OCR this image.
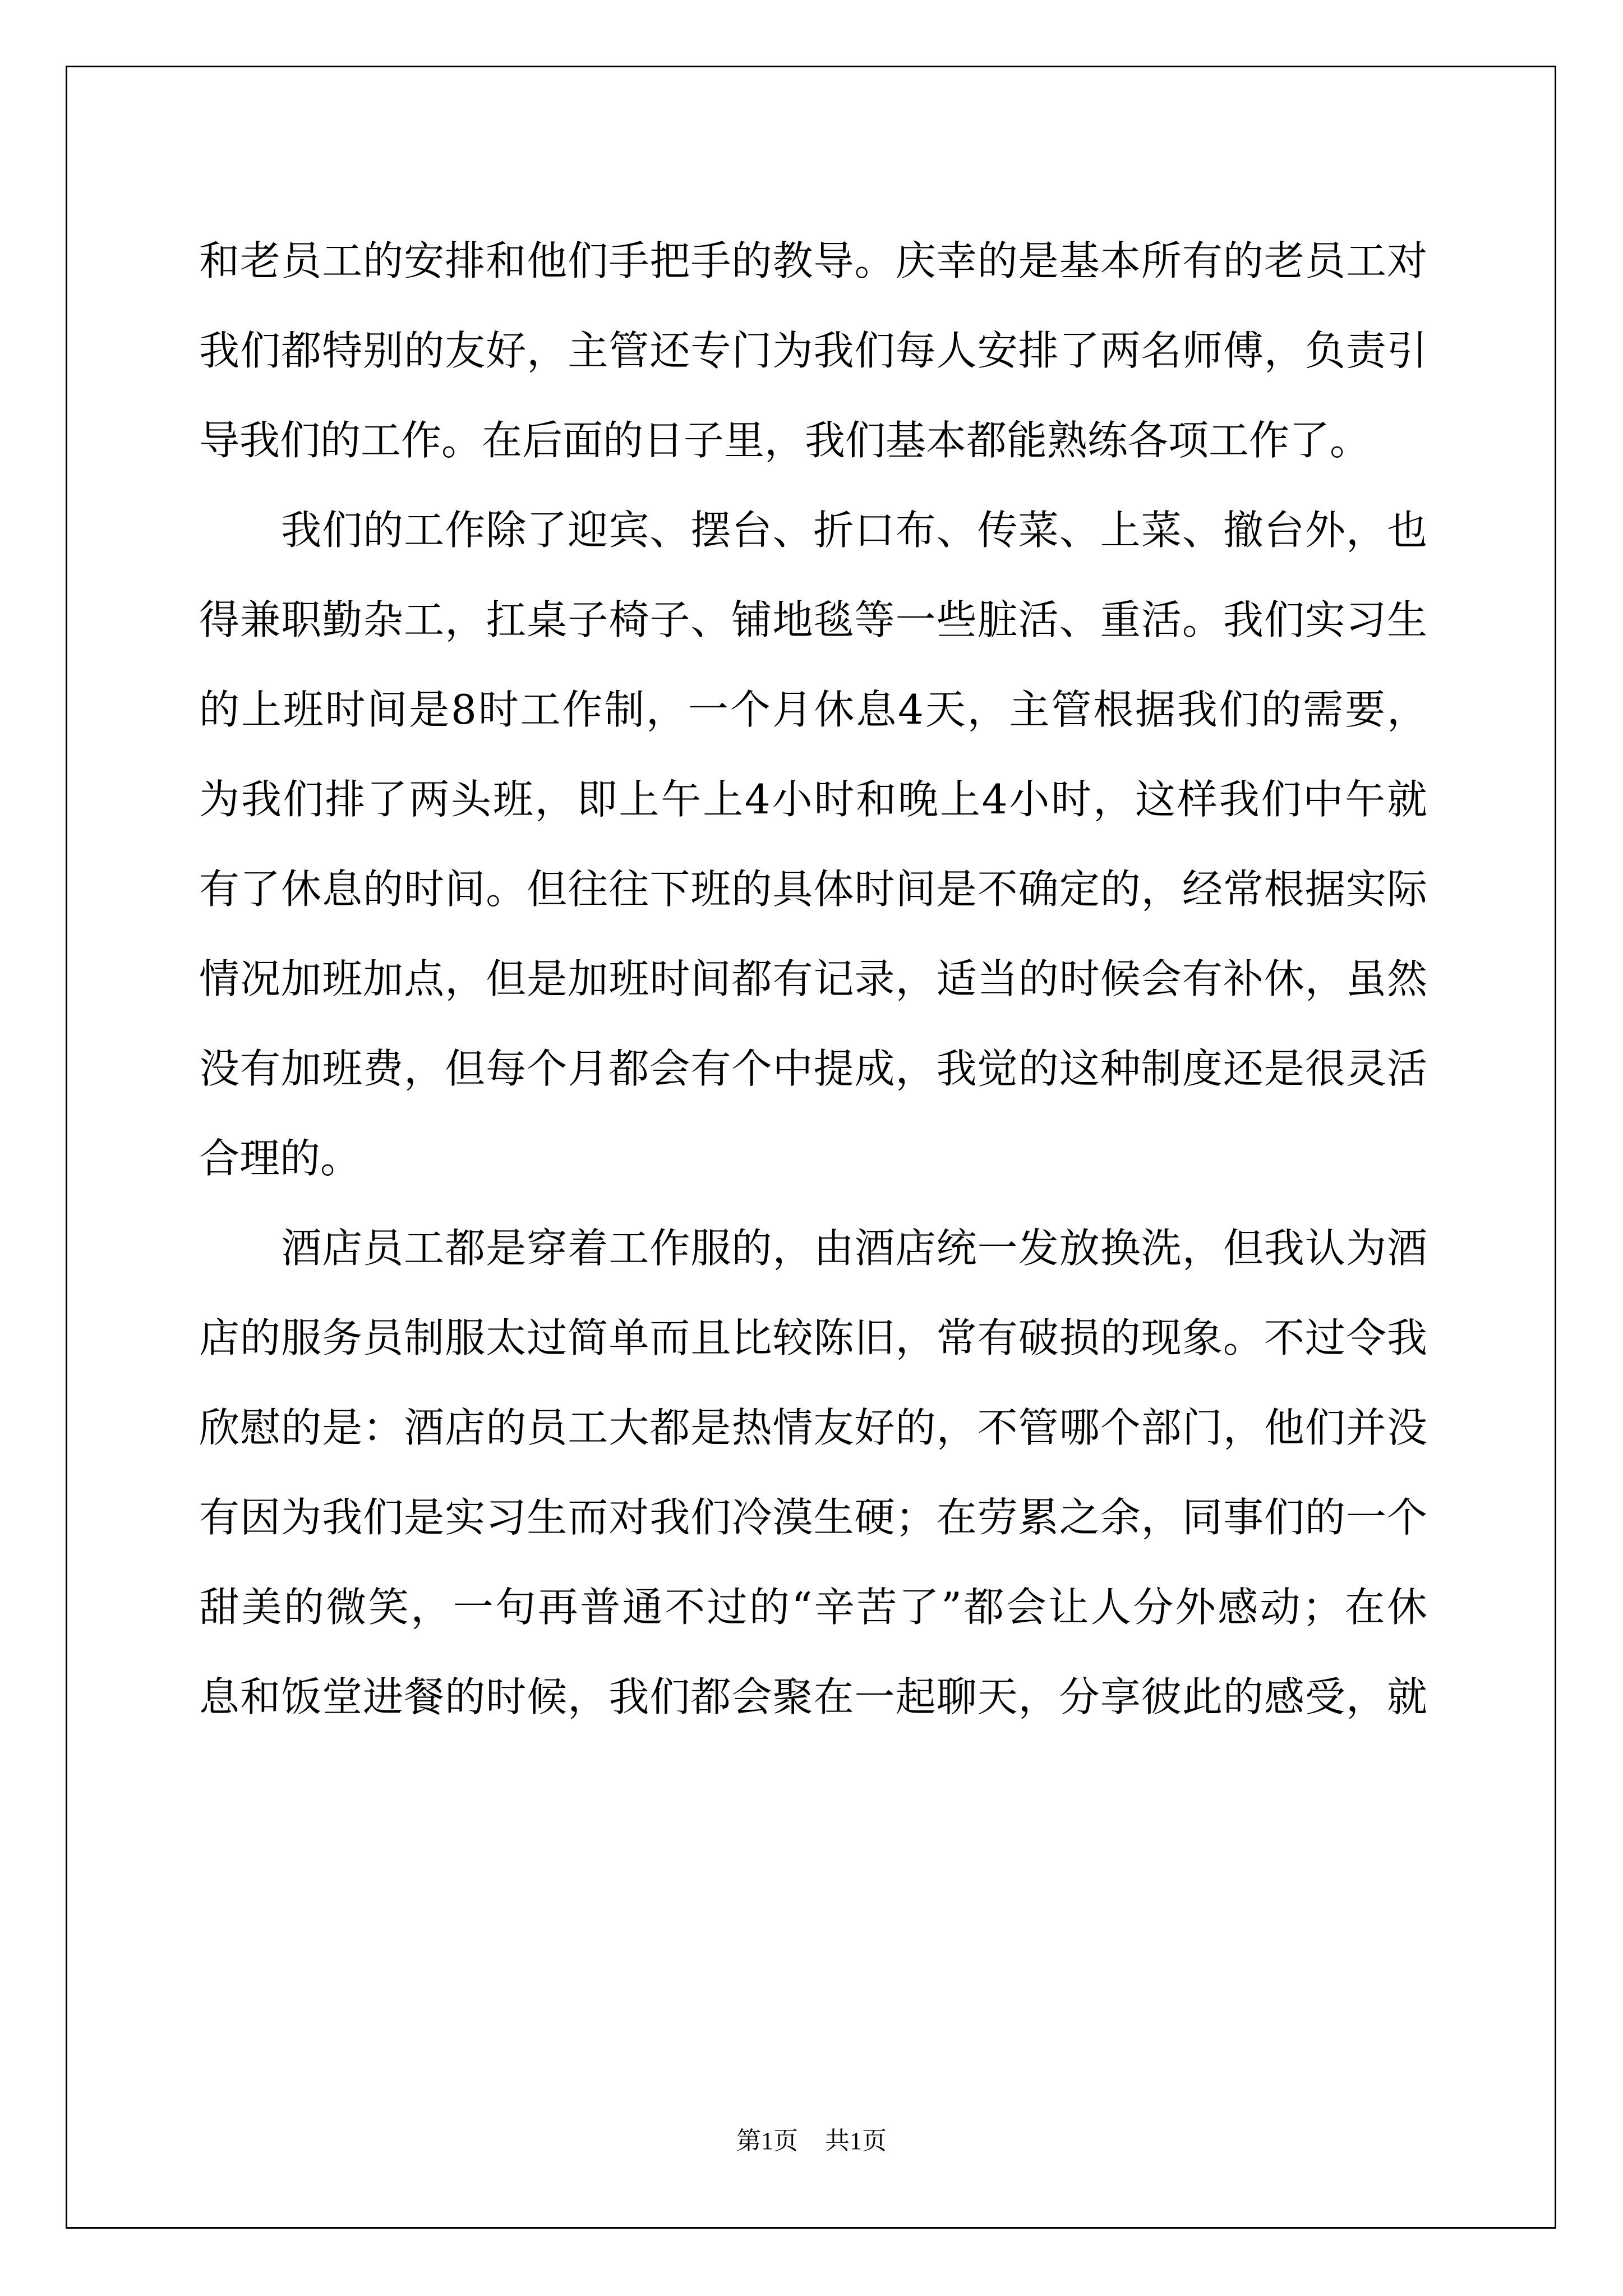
和老员工的安排和他们手把手的教导。庆幸的是基本所有的老员工对
我们都特别的友好，主管还专门为我们每人安排了两名师傅，负责引
导我们的工作。在后面的日子里，我们基本都能熟练各项工作了。
　　我们的工作除了迎宾、摆台、折口布、传菜、上菜、撤台外，也
得兼职勤杂工，扛桌子椅子、铺地毯等一些脏活、重活。我们实习生
的上班时间是8时工作制，一个月休息4天，主管根据我们的需要，
为我们排了两头班，即上午上4小时和晚上4小时，这样我们中午就
有了休息的时间。但往往下班的具体时间是不确定的，经常根据实际
情况加班加点，但是加班时间都有记录，适当的时候会有补休，虽然
没有加班费，但每个月都会有个中提成，我觉的这种制度还是很灵活
合理的。
　　酒店员工都是穿着工作服的，由酒店统一发放换洗，但我认为酒
店的服务员制服太过简单而且比较陈旧，常有破损的现象。不过令我
欣慰的是：酒店的员工大都是热情友好的，不管哪个部门，他们并没
有因为我们是实习生而对我们冷漠生硬；在劳累之余，同事们的一个
甜美的微笑，一句再普通不过的“辛苦了”都会让人分外感动；在休
息和饭堂进餐的时候，我们都会聚在一起聊天，分享彼此的感受，就
第1页 共1页
